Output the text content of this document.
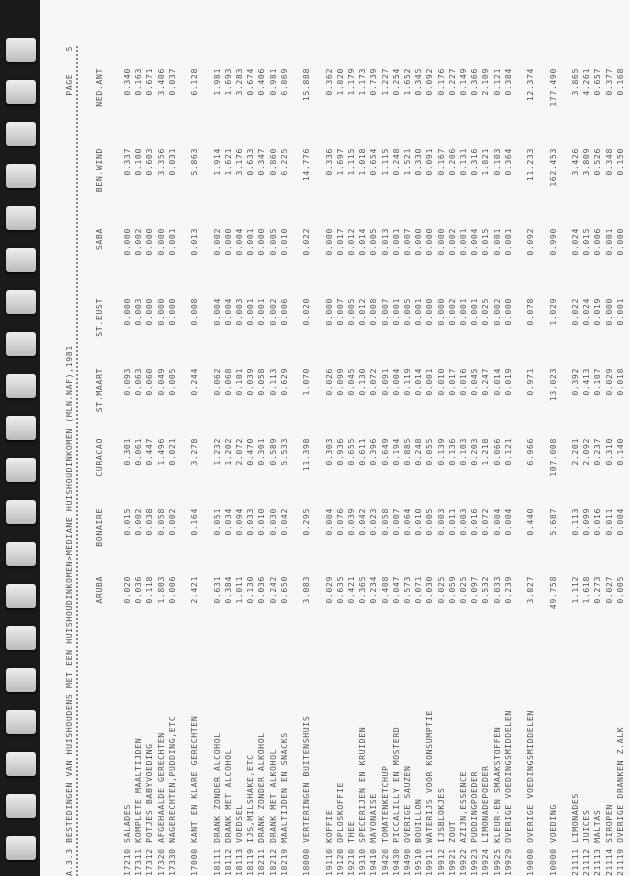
A.3.3 BESTEDINGEN VAN HUISHOUDENS MET EEN HUISHOUDINKOMEN>MEDIANE HUISHOUDINKOMEN (MLN.NAF),1981
PAGE    5
ARUBA
BONAIRE
CURACAO
ST.MAART
ST.EUST
SABA
BEN.WIND
NED.ANT
17210 SALADES
0.020
0.015
0.301
0.093
0.000
0.000
0.337
0.340
17311 KOMPLETE MAALTIJDEN
0.036
0.002
0.061
0.063
0.003
0.002
0.100
0.163
17312 POTJES BABYVOEDING
0.118
0.038
0.447
0.060
0.000
0.000
0.603
0.671
17320 AFGEHAALDE GERECHTEN
1.803
0.058
1.496
0.049
0.000
0.000
3.356
3.406
17330 NAGERECHTEN,PUDDING,ETC
0.006
0.002
0.021
0.005
0.000
0.001
0.031
0.037
17000 KANT EN KLARE GERECHTEN
2.421
0.164
3.278
0.244
0.008
0.013
5.863
6.128
18111 DRANK ZONDER ALCOHOL
0.631
0.051
1.232
0.062
0.004
0.002
1.914
1.981
18112 DRANK MET ALCOHOL
0.384
0.034
1.202
0.068
0.004
0.000
1.621
1.693
18113 VOEDSEL
1.011
0.094
2.072
0.101
0.003
0.004
3.176
3.283
18119 IJS,MILSHAKE,ETC
0.130
0.033
0.470
0.039
0.001
0.001
0.633
0.674
18211 DRANK ZONDER ALKOHOL
0.036
0.010
0.301
0.058
0.001
0.000
0.347
0.406
18212 DRANK MET ALKOHOL
0.242
0.030
0.589
0.113
0.002
0.005
0.860
0.981
18219 MAALTIJDEN EN SNACKS
0.650
0.042
5.533
0.629
0.006
0.010
6.225
6.869
18000 VERTERINGEN BUITENSHUIS
3.083
0.295
11.398
1.070
0.020
0.022
14.776
15.888
19110 KOFFIE
0.029
0.004
0.303
0.026
0.000
0.000
0.336
0.362
19120 OPLOSKOFFIE
0.635
0.076
0.936
0.099
0.007
0.017
1.697
1.820
19210 THEE
0.421
0.039
0.655
0.045
0.005
0.012
1.115
1.179
19310 SPECERIJEN EN KRUIDEN
0.365
0.042
0.611
0.130
0.012
0.014
1.018
1.173
19410 MAYONAISE
0.234
0.023
0.396
0.072
0.008
0.005
0.654
0.739
19420 TOMATENKETCHUP
0.408
0.058
0.649
0.091
0.007
0.013
1.115
1.227
19430 PICCALILLY EN MOSTERD
0.047
0.007
0.194
0.004
0.001
0.001
0.248
0.254
19490 OVERIGE SAUZEN
0.573
0.064
0.885
0.119
0.005
0.007
1.521
1.652
19510 BOUILLON
0.071
0.010
0.248
0.014
0.001
0.000
0.330
0.345
19911 WATERIJS VOOR KONSUMPTIE
0.030
0.005
0.055
0.001
0.000
0.000
0.091
0.092
19912 IJSBLOKJES
0.025
0.003
0.139
0.010
0.000
0.000
0.167
0.176
19921 ZOUT
0.059
0.011
0.136
0.017
0.002
0.002
0.206
0.227
19922 AZIJN,ESSENCE
0.025
0.003
0.103
0.016
0.001
0.001
0.131
0.149
19923 PUDDINGPOEDER
0.097
0.016
0.203
0.045
0.001
0.004
0.316
0.366
19924 LIMONADEPOEDER
0.532
0.072
1.218
0.247
0.025
0.015
1.821
2.109
19925 KLEUR-EN SMAAKSTOFFEN
0.033
0.004
0.066
0.014
0.002
0.001
0.103
0.121
19929 OVERIGE VOEDINGSMIDDELEN
0.239
0.004
0.121
0.019
0.000
0.001
0.364
0.384
19000 OVERIGE VOEDINGSMIDDELEN
3.827
0.440
6.966
0.971
0.078
0.092
11.233
12.374
10000 VOEDING
49.758
5.687
107.008
13.023
1.029
0.990
162.453
177.490
21111 LIMONADES
1.112
0.113
2.201
0.392
0.022
0.024
3.426
3.865
21112 JUICES
1.618
0.099
2.092
0.413
0.024
0.015
3.809
4.261
21113 MALTAS
0.273
0.016
0.237
0.107
0.019
0.006
0.526
0.657
21114 SIROPEN
0.027
0.011
0.310
0.029
0.000
0.001
0.348
0.377
21119 OVERIGE DRANKEN Z.ALK
0.005
0.004
0.140
0.018
0.001
0.000
0.150
0.168
